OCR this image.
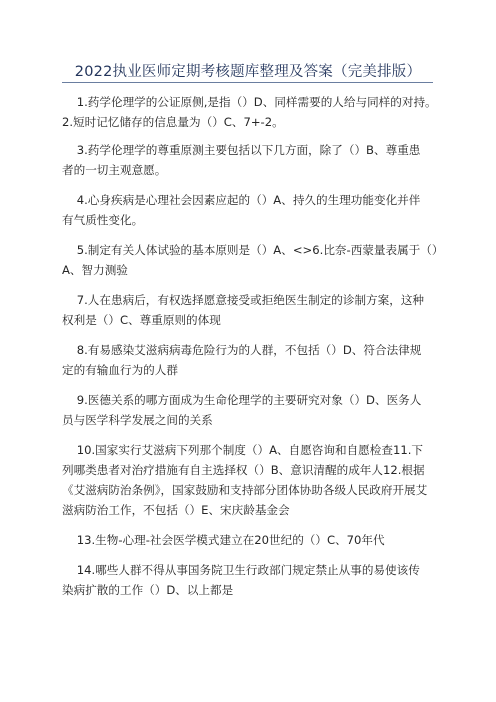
2022执业医师定期考核题库整理及答案（完美排版）
1.药学伦理学的公证原侧,是指（）D、同样需要的人给与同样的对持。
2.短时记忆储存的信息量为（）C、7+-2。
3.药学伦理学的尊重原测主要包括以下几方面，除了（）B、尊重患
者的一切主观意愿。
4.心身疾病是心理社会因素应起的（）A、持久的生理功能变化并伴
有气质性变化。
5.制定有关人体试验的基本原则是（）A、<>6.比奈-西蒙量表属于（）
A、智力测验
7.人在患病后，有权选择愿意接受或拒绝医生制定的诊制方案，这种
权利是（）C、尊重原则的体现
8.有易感染艾滋病病毒危险行为的人群，不包括（）D、符合法律规
定的有输血行为的人群
9.医德关系的哪方面成为生命伦理学的主要研究对象（）D、医务人
员与医学科学发展之间的关系
10.国家实行艾滋病下列那个制度（）A、自愿咨询和自愿检查11.下
列哪类患者对治疗措施有自主选择权（）B、意识清醒的成年人12.根据
《艾滋病防治条例》，国家鼓励和支持部分团体协助各级人民政府开展艾
滋病防治工作，不包括（）E、宋庆龄基金会
13.生物-心理-社会医学模式建立在20世纪的（）C、70年代
14.哪些人群不得从事国务院卫生行政部门规定禁止从事的易使该传
染病扩散的工作（）D、以上都是
